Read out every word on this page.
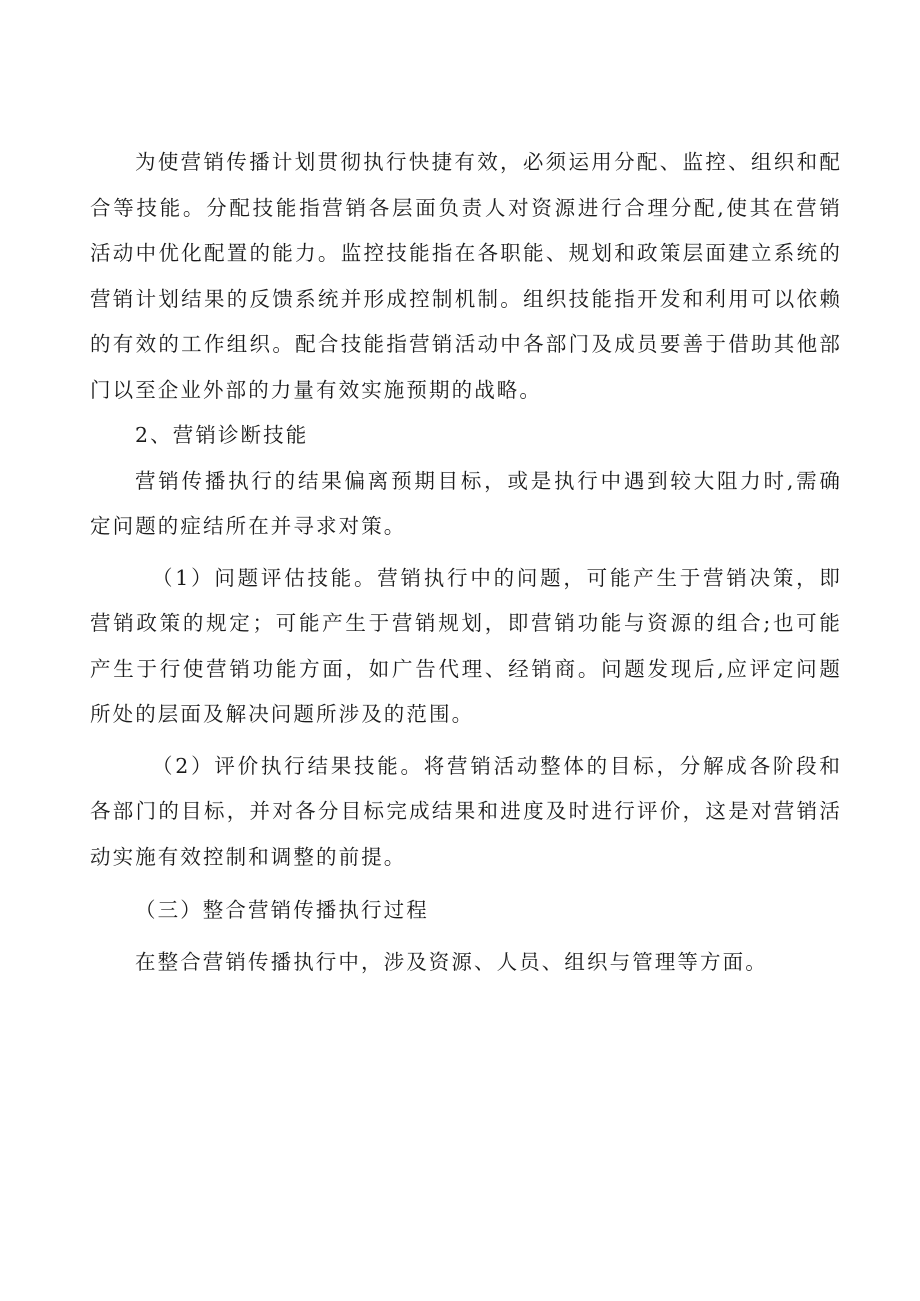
为使营销传播计划贯彻执行快捷有效，必须运用分配、监控、组织和配合等技能。分配技能指营销各层面负责人对资源进行合理分配,使其在营销活动中优化配置的能力。监控技能指在各职能、规划和政策层面建立系统的营销计划结果的反馈系统并形成控制机制。组织技能指开发和利用可以依赖的有效的工作组织。配合技能指营销活动中各部门及成员要善于借助其他部门以至企业外部的力量有效实施预期的战略。

2、营销诊断技能

营销传播执行的结果偏离预期目标，或是执行中遇到较大阻力时,需确定问题的症结所在并寻求对策。

（1）问题评估技能。营销执行中的问题，可能产生于营销决策，即营销政策的规定；可能产生于营销规划，即营销功能与资源的组合;也可能产生于行使营销功能方面，如广告代理、经销商。问题发现后,应评定问题所处的层面及解决问题所涉及的范围。

（2）评价执行结果技能。将营销活动整体的目标，分解成各阶段和各部门的目标，并对各分目标完成结果和进度及时进行评价，这是对营销活动实施有效控制和调整的前提。

（三）整合营销传播执行过程

在整合营销传播执行中，涉及资源、人员、组织与管理等方面。
